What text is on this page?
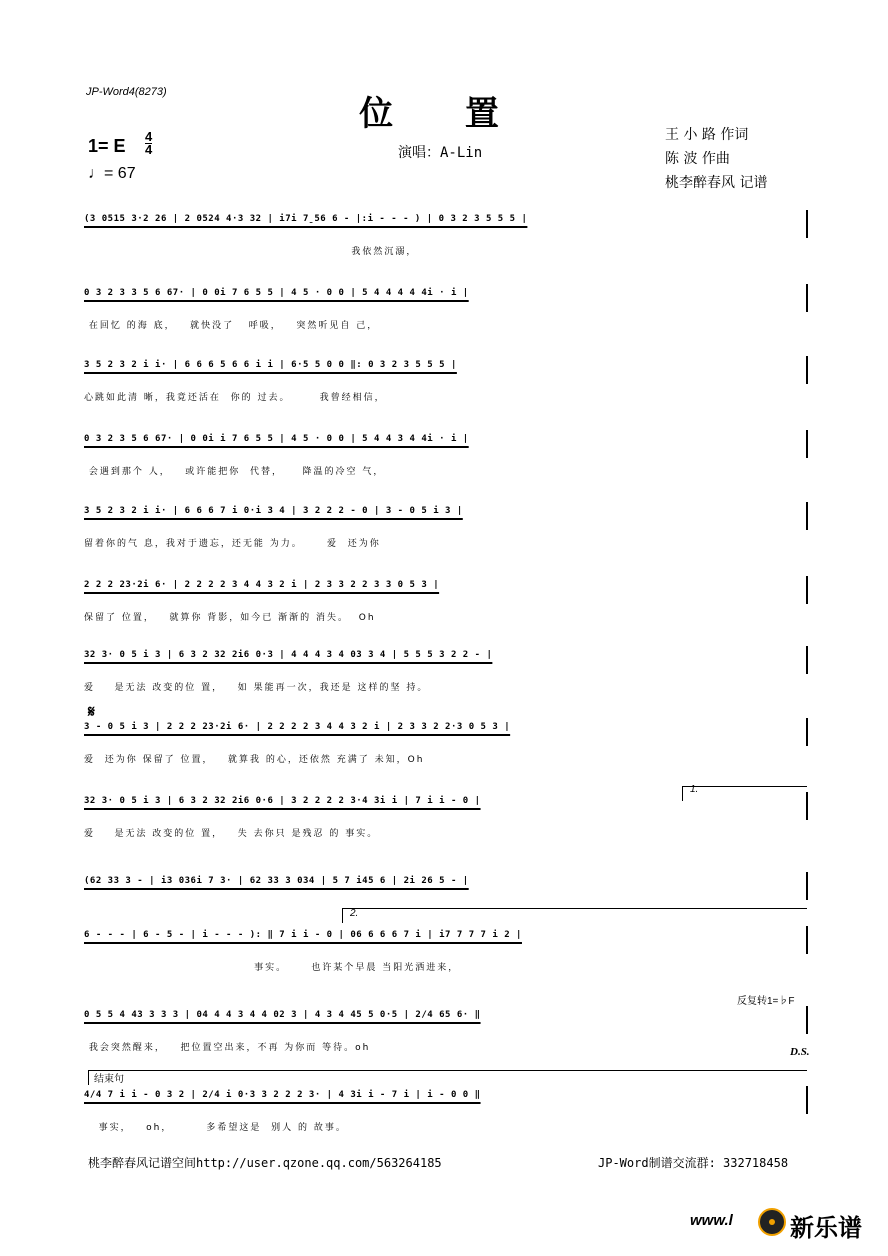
JP-Word4(8273)
位 置
1= E 4
4
♩= 67
演唱：A-Lin
王 小 路 作词
陈 波 作曲
桃李醉春风 记谱
(3 0515 3·2 26 | 2 0524 4·3 32 | i7i 7̱56 6 - |:i - - - ) | 0 3 2 3 5 5 5 |
我依然沉溺，
0 3 2 3 3 5 6 67· | 0 0i 7 6 5 5 | 4 5 · 0 0 | 5 4 4 4 4 4i · i |
在回忆 的海 底，   就快没了   呼吸，   突然听见自 己，
3 5 2 3 2 i i· | 6 6 6 5 6 6 i i | 6·5 5 0 0 ‖: 0 3 2 3 5 5 5 |
心跳如此清 晰，我竟还活在  你的 过去。      我曾经相信，
0 3 2 3 5 6 67· | 0 0i i 7 6 5 5 | 4 5 · 0 0 | 5 4 4 3 4 4i · i |
会遇到那个 人，   或许能把你  代替，    降温的冷空 气，
3 5 2 3 2 i i· | 6 6 6 7 i 0·i 3 4 | 3 2 2 2 - 0 | 3 - 0 5 i 3 |
留着你的气 息，我对于遗忘，还无能 为力。     爱  还为你
2 2 2 23·2i 6· | 2 2 2 2 3 4 4 3 2 i | 2 3 3 2 2 3 3 0 5 3 |
保留了 位置，   就算你 背影，如今已 渐渐的 消失。  Oh
32 3· 0 5 i 3 | 6 3 2 32 2i6 0·3 | 4 4 4 3 4 03 3 4 | 5 5 5 3 2 2 - |
爱    是无法 改变的位 置，   如 果能再一次，我还是 这样的坚 持。
3 - 0 5 i 3 | 2 2 2 23·2i 6· | 2 2 2 2 3 4 4 3 2 i | 2 3 3 2 2·3 0 5 3 |
爱  还为你 保留了 位置，   就算我 的心，还依然 充满了 未知，Oh
32 3· 0 5 i 3 | 6 3 2 32 2i6 0·6 | 3 2 2 2 2 3·4 3i i | 7 i i - 0 |
爱    是无法 改变的位 置，   失 去你只 是残忍 的 事实。
(62 33 3 - | i3 036i 7 3· | 62 33 3 034 | 5 7 i45 6 | 2i 26 5 - |
6 - - - | 6 - 5 - | i - - - ): ‖ 7 i i - 0 | 06 6 6 6 7 i | i7 7 7 7 i 2 |
事实。     也许某个早晨 当阳光洒进来，
0 5 5 4 43 3 3 3 | 04 4 4 3 4 4 02 3 | 4 3 4 45 5 0·5 | 2/4 65 6· ‖
我会突然醒来，   把位置空出来，不再 为你而 等待。oh
4/4 7 i i - 0 3 2 | 2/4 i 0·3 3 2 2 2 3· | 4 3i i - 7 i | i - 0 0 ‖
事实，   oh，       多希望这是  别人 的 故事。
𝄋
1.
2.
反复转1=♭F
结束句
D.S.
桃李醉春风记谱空间http://user.qzone.qq.com/563264185	JP-Word制谱交流群: 332718458
www.l 新乐谱
